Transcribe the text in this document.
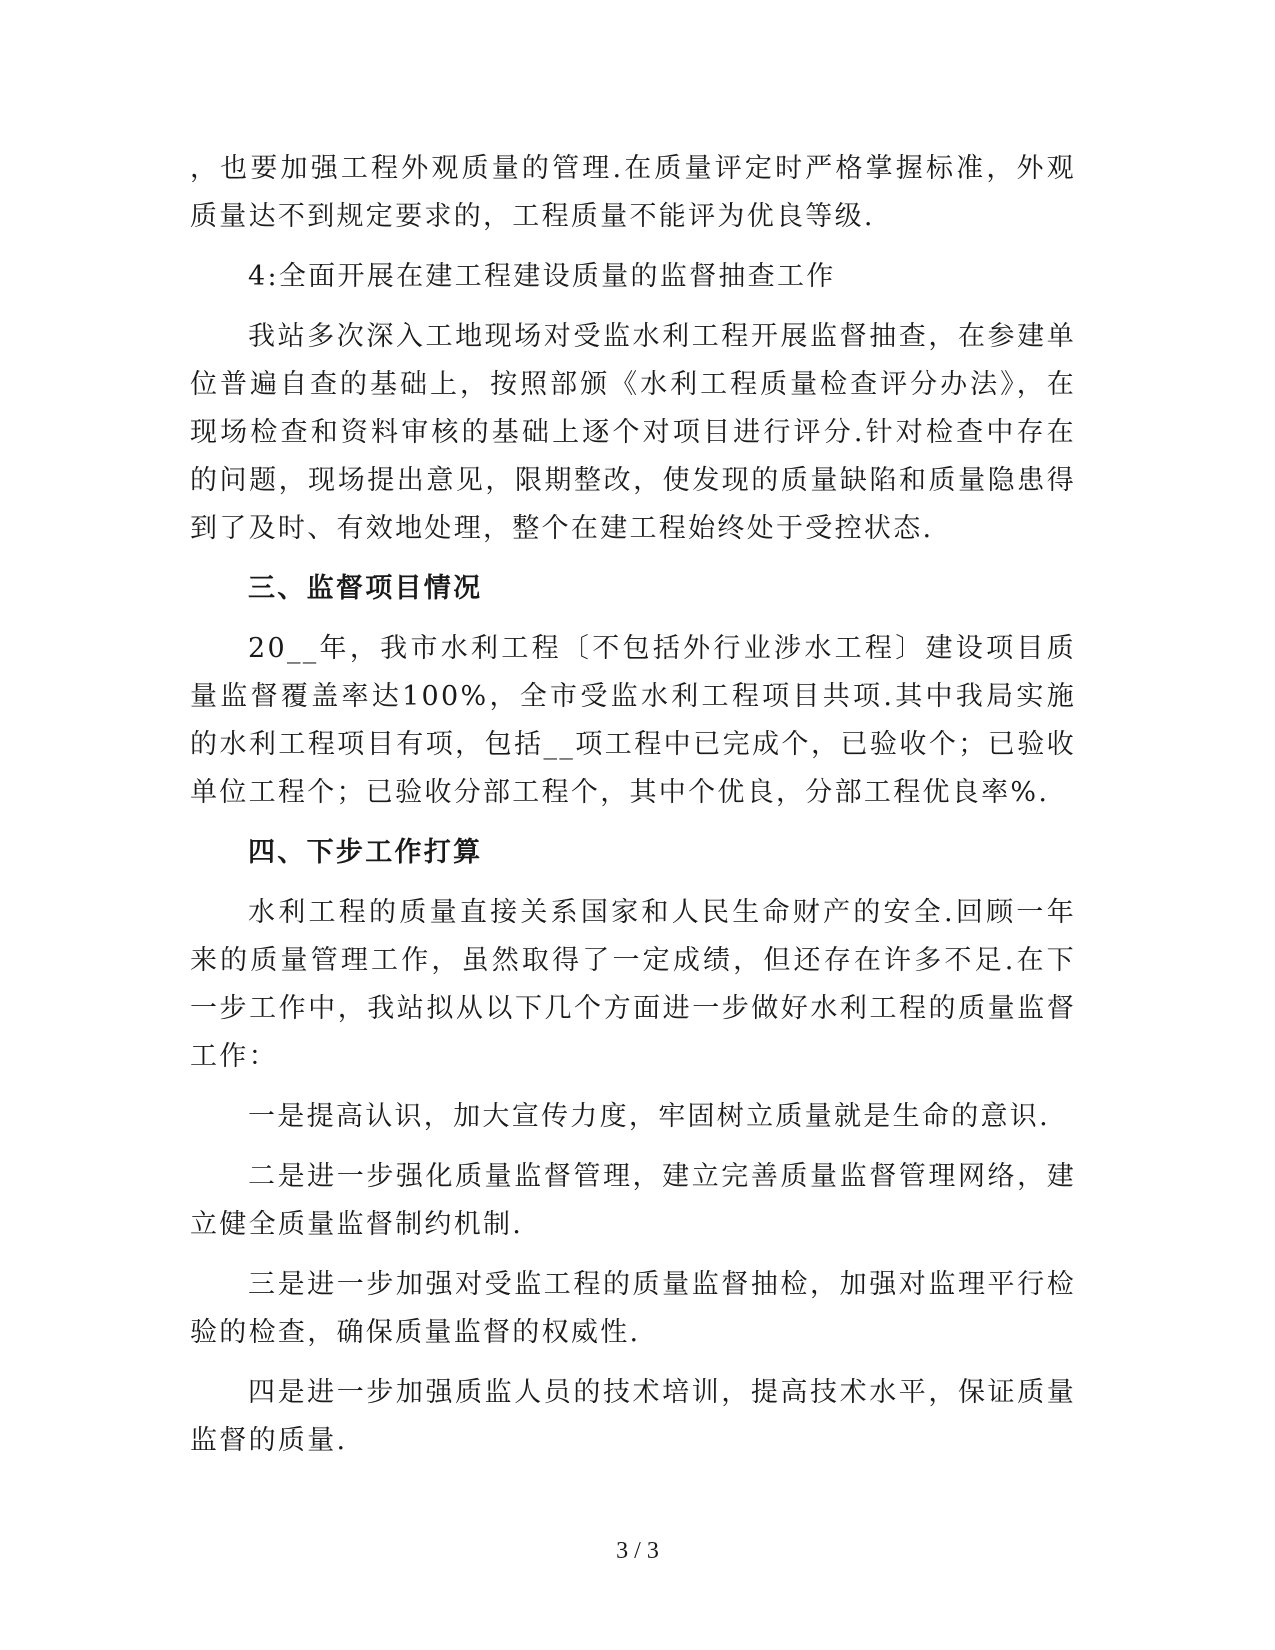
，也要加强工程外观质量的管理.在质量评定时严格掌握标准，外观质量达不到规定要求的，工程质量不能评为优良等级.

4:全面开展在建工程建设质量的监督抽查工作

我站多次深入工地现场对受监水利工程开展监督抽查，在参建单位普遍自查的基础上，按照部颁《水利工程质量检查评分办法》，在现场检查和资料审核的基础上逐个对项目进行评分.针对检查中存在的问题，现场提出意见，限期整改，使发现的质量缺陷和质量隐患得到了及时、有效地处理，整个在建工程始终处于受控状态.

三、监督项目情况

20__年，我市水利工程〔不包括外行业涉水工程〕建设项目质量监督覆盖率达100%，全市受监水利工程项目共项.其中我局实施的水利工程项目有项，包括__项工程中已完成个，已验收个；已验收单位工程个；已验收分部工程个，其中个优良，分部工程优良率%.

四、下步工作打算

水利工程的质量直接关系国家和人民生命财产的安全.回顾一年来的质量管理工作，虽然取得了一定成绩，但还存在许多不足.在下一步工作中，我站拟从以下几个方面进一步做好水利工程的质量监督工作：

一是提高认识，加大宣传力度，牢固树立质量就是生命的意识.

二是进一步强化质量监督管理，建立完善质量监督管理网络，建立健全质量监督制约机制.

三是进一步加强对受监工程的质量监督抽检，加强对监理平行检验的检查，确保质量监督的权威性.

四是进一步加强质监人员的技术培训，提高技术水平，保证质量监督的质量.

3 / 3
